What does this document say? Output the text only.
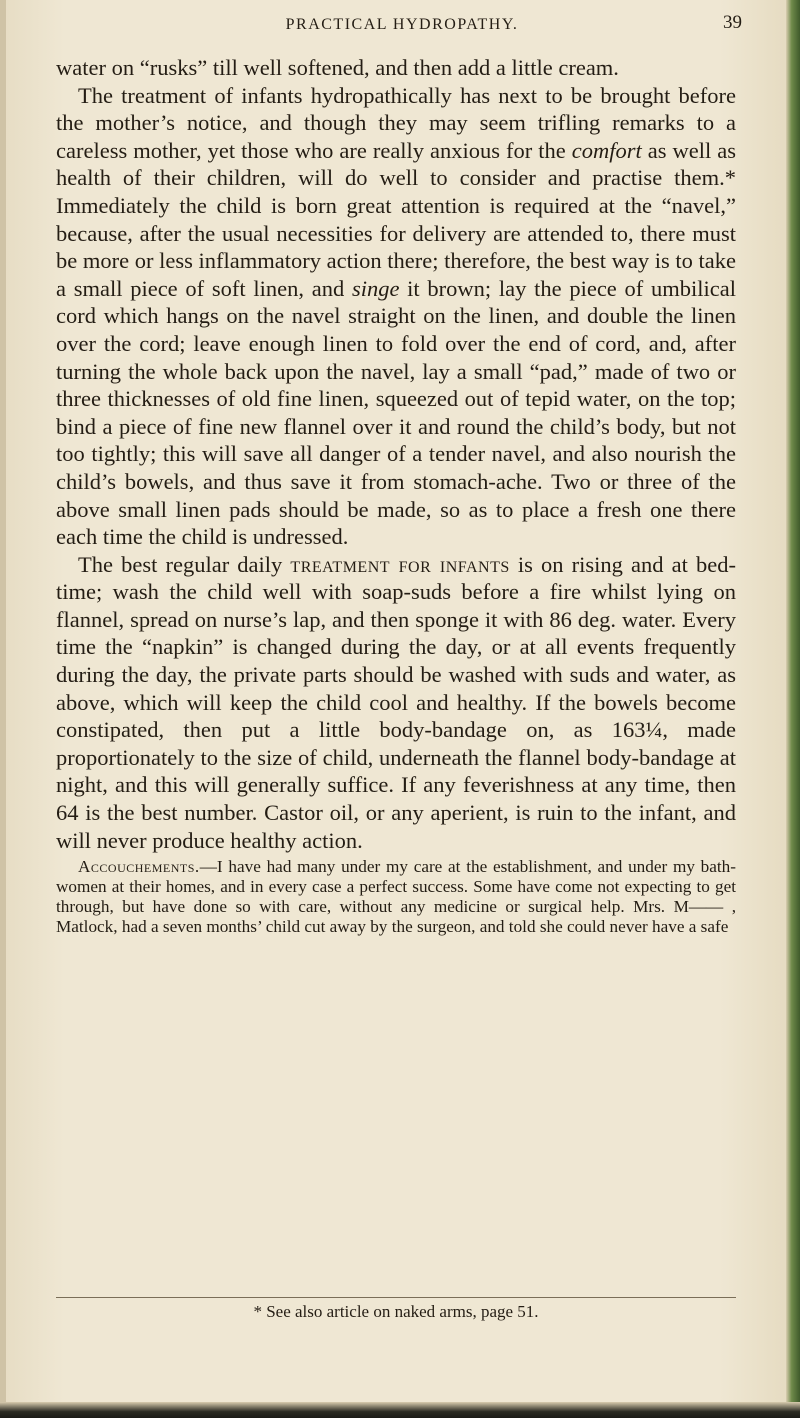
PRACTICAL HYDROPATHY.	39

water on “rusks” till well softened, and then add a little cream.

The treatment of infants hydropathically has next to be brought before the mother’s notice, and though they may seem trifling remarks to a careless mother, yet those who are really anxious for the comfort as well as health of their children, will do well to consider and practise them.* Immediately the child is born great attention is required at the “navel,” because, after the usual necessities for delivery are attended to, there must be more or less inflammatory action there; therefore, the best way is to take a small piece of soft linen, and singe it brown; lay the piece of umbilical cord which hangs on the navel straight on the linen, and double the linen over the cord; leave enough linen to fold over the end of cord, and, after turning the whole back upon the navel, lay a small “pad,” made of two or three thicknesses of old fine linen, squeezed out of tepid water, on the top; bind a piece of fine new flannel over it and round the child’s body, but not too tightly; this will save all danger of a tender navel, and also nourish the child’s bowels, and thus save it from stomach-ache. Two or three of the above small linen pads should be made, so as to place a fresh one there each time the child is undressed.

The best regular daily treatment for infants is on rising and at bed-time; wash the child well with soap-suds before a fire whilst lying on flannel, spread on nurse’s lap, and then sponge it with 86 deg. water. Every time the “napkin” is changed during the day, or at all events frequently during the day, the private parts should be washed with suds and water, as above, which will keep the child cool and healthy. If the bowels become constipated, then put a little body-bandage on, as 163¼, made proportionately to the size of child, underneath the flannel body-bandage at night, and this will generally suffice. If any feverishness at any time, then 64 is the best number. Castor oil, or any aperient, is ruin to the infant, and will never produce healthy action.

Accouchements.—I have had many under my care at the establishment, and under my bath-women at their homes, and in every case a perfect success. Some have come not expecting to get through, but have done so with care, without any medicine or surgical help. Mrs. M—— , Matlock, had a seven months’ child cut away by the surgeon, and told she could never have a safe

* See also article on naked arms, page 51.
